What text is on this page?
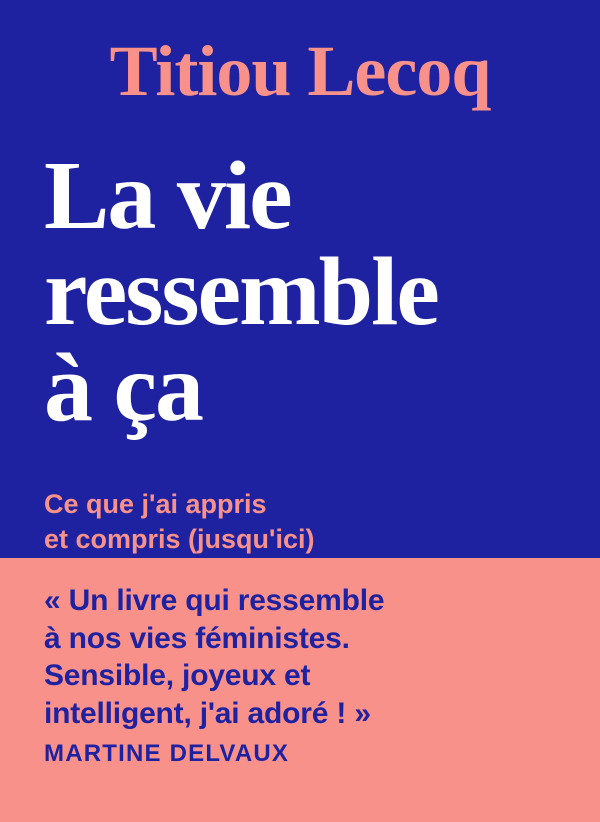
Titiou Lecoq
La vie
ressemble
à ça
Ce que j'ai appris
et compris (jusqu'ici)
« Un livre qui ressemble
à nos vies féministes.
Sensible, joyeux et
intelligent, j'ai adoré ! »
MARTINE DELVAUX
